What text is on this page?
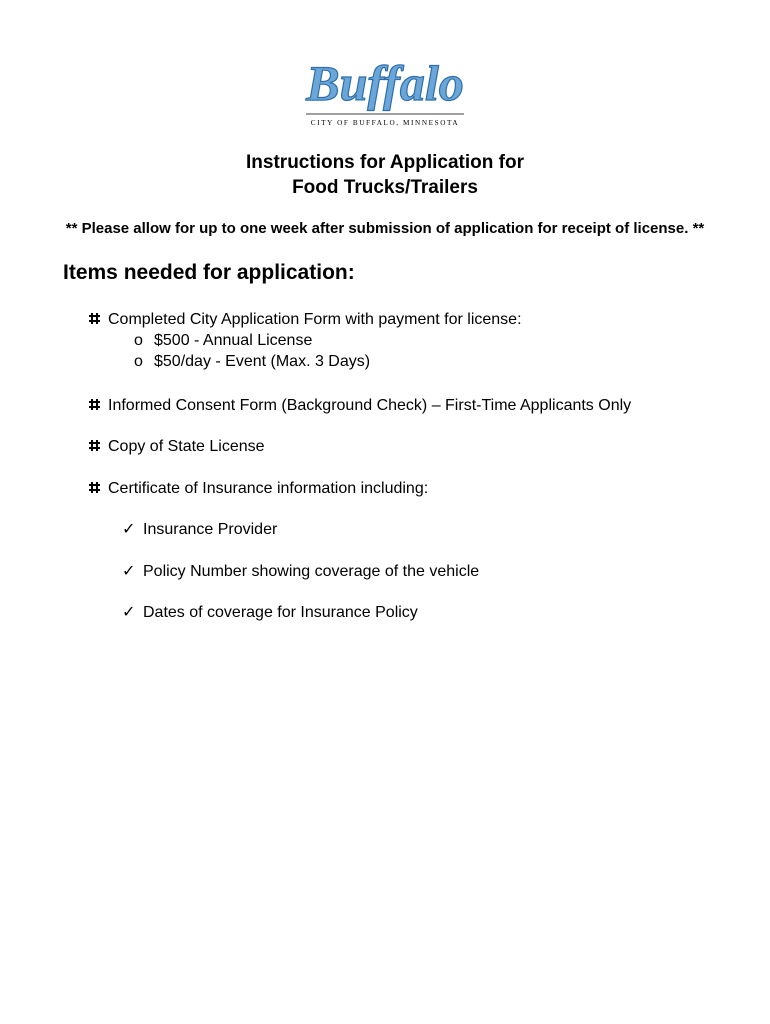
Buffalo
CITY OF BUFFALO, MINNESOTA
Instructions for Application for
Food Trucks/Trailers
** Please allow for up to one week after submission of application for receipt of license. **
Items needed for application:
Completed City Application Form with payment for license:
o $500 - Annual License
o $50/day - Event (Max. 3 Days)
Informed Consent Form (Background Check) – First-Time Applicants Only
Copy of State License
Certificate of Insurance information including:
✓ Insurance Provider
✓ Policy Number showing coverage of the vehicle
✓ Dates of coverage for Insurance Policy
